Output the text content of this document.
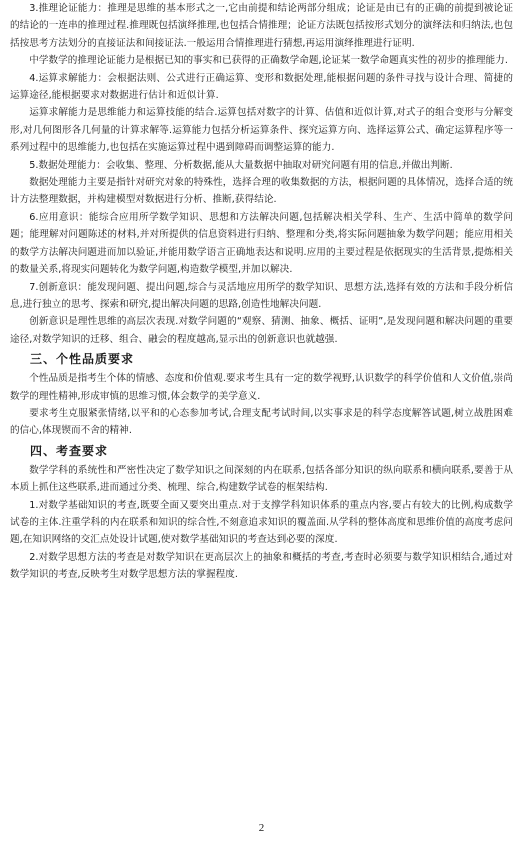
3.推理论证能力：推理是思维的基本形式之一,它由前提和结论两部分组成；论证是由已有的正确的前提到被论证的结论的一连串的推理过程.推理既包括演绎推理,也包括合情推理；论证方法既包括按形式划分的演绎法和归纳法,也包括按思考方法划分的直接证法和间接证法.一般运用合情推理进行猜想,再运用演绎推理进行证明.

中学数学的推理论证能力是根据已知的事实和已获得的正确数学命题,论证某一数学命题真实性的初步的推理能力.

4.运算求解能力：会根据法则、公式进行正确运算、变形和数据处理,能根据问题的条件寻找与设计合理、简捷的运算途径,能根据要求对数据进行估计和近似计算.

运算求解能力是思维能力和运算技能的结合.运算包括对数字的计算、估值和近似计算,对式子的组合变形与分解变形,对几何图形各几何量的计算求解等.运算能力包括分析运算条件、探究运算方向、选择运算公式、确定运算程序等一系列过程中的思维能力,也包括在实施运算过程中遇到障碍而调整运算的能力.

5.数据处理能力：会收集、整理、分析数据,能从大量数据中抽取对研究问题有用的信息,并做出判断.

数据处理能力主要是指针对研究对象的特殊性，选择合理的收集数据的方法，根据问题的具体情况，选择合适的统计方法整理数据，并构建模型对数据进行分析、推断,获得结论.

6.应用意识：能综合应用所学数学知识、思想和方法解决问题,包括解决相关学科、生产、生活中简单的数学问题；能理解对问题陈述的材料,并对所提供的信息资料进行归纳、整理和分类,将实际问题抽象为数学问题；能应用相关的数学方法解决问题进而加以验证,并能用数学语言正确地表达和说明.应用的主要过程是依据现实的生活背景,提炼相关的数量关系,将现实问题转化为数学问题,构造数学模型,并加以解决.

7.创新意识：能发现问题、提出问题,综合与灵活地应用所学的数学知识、思想方法,选择有效的方法和手段分析信息,进行独立的思考、探索和研究,提出解决问题的思路,创造性地解决问题.

创新意识是理性思维的高层次表现.对数学问题的“观察、猜测、抽象、概括、证明”,是发现问题和解决问题的重要途径,对数学知识的迁移、组合、融会的程度越高,显示出的创新意识也就越强.

三、个性品质要求

个性品质是指考生个体的情感、态度和价值观.要求考生具有一定的数学视野,认识数学的科学价值和人文价值,崇尚数学的理性精神,形成审慎的思维习惯,体会数学的美学意义.

要求考生克服紧张情绪,以平和的心态参加考试,合理支配考试时间,以实事求是的科学态度解答试题,树立战胜困难的信心,体现锲而不舍的精神.

四、考查要求

数学学科的系统性和严密性决定了数学知识之间深刻的内在联系,包括各部分知识的纵向联系和横向联系,要善于从本质上抓住这些联系,进而通过分类、梳理、综合,构建数学试卷的框架结构.

1.对数学基础知识的考查,既要全面又要突出重点.对于支撑学科知识体系的重点内容,要占有较大的比例,构成数学试卷的主体.注重学科的内在联系和知识的综合性,不刻意追求知识的覆盖面.从学科的整体高度和思维价值的高度考虑问题,在知识网络的交汇点处设计试题,使对数学基础知识的考查达到必要的深度.

2.对数学思想方法的考查是对数学知识在更高层次上的抽象和概括的考查,考查时必须要与数学知识相结合,通过对数学知识的考查,反映考生对数学思想方法的掌握程度.

2
